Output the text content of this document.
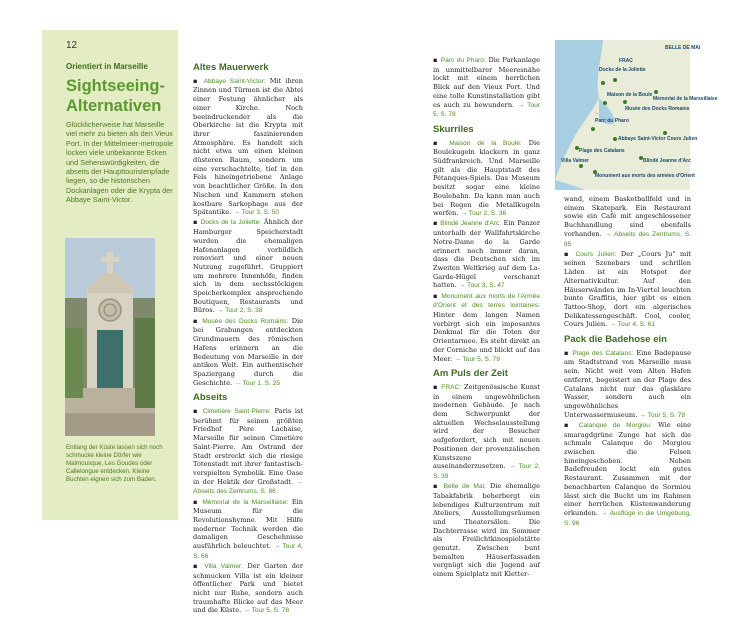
12
Orientiert in Marseille
Sightseeing-Alternativen
Glücklicherweise hat Marseille viel mehr zu bieten als den Vieux Port. In der Mittelmeer-metropole locken viele unbekannte Ecken und Sehenswürdigkeiten, die abseits der Haupttouristenpfade liegen, so die historischen Dockanlagen oder die Krypta der Abbaye Saint-Victor.
Entlang der Küste lassen sich noch schmucke kleine Dörfer wie Malmousque, Les Goudes oder Callelongue entdecken. Kleine Buchten eignen sich zum Baden.
Altes Mauerwerk

▪ Abbaye Saint-Victor: Mit ihren Zinnen und Türmen ist die Abtei einer Festung ähnlicher als einer Kirche. Noch beeindruckender als die Oberkirche ist die Krypta mit ihrer faszinierenden Atmosphäre. Es handelt sich nicht etwa um einen kleinen düsteren Raum, sondern um eine verschachtelte, tief in den Fels hineingetriebene Anlage von beachtlicher Größe. In den Nischen und Kammern stehen kostbare Sarkophage aus der Spätantike. → Tour 3, S. 50

▪ Docks de la Joliette: Ähnlich der Hamburger Speicherstadt wurden die ehemaligen Hafenanlagen vorbildlich renoviert und einer neuen Nutzung zugeführt. Gruppiert um mehrere Innenhöfe, finden sich in dem sechsstöckigen Speicherkomplex ansprechende Boutiquen, Restaurants und Büros. → Tour 2, S. 38

▪ Musée des Docks Romains: Die bei Grabungen entdeckten Grundmauern des römischen Hafens erinnern an die Bedeutung von Marseille in der antiken Welt. Ein authentischer Spaziergang durch die Geschichte. → Tour 1, S. 25

Abseits

▪ Cimetière Saint-Pierre: Paris ist berühmt für seinen größten Friedhof Père Lachaise, Marseille für seinen Cimetière Saint-Pierre. Am Ostrand der Stadt erstreckt sich die riesige Totenstadt mit ihrer fantastisch-verspielten Symbolik. Eine Oase in der Hektik der Großstadt. → Abseits des Zentrums, S. 86

▪ Mémorial de la Marseillaise: Ein Museum für die Revolutionshymne. Mit Hilfe moderner Technik werden die damaligen Geschehnisse ausführlich beleuchtet. → Tour 4, S. 66

▪ Villa Valmer: Der Garten der schmucken Villa ist ein kleiner öffentlicher Park und bietet nicht nur Ruhe, sondern auch traumhafte Blicke auf das Meer und die Küste. → Tour 5, S. 78

▪ Parc du Pharo: Die Parkanlage in unmittelbarer Meeresnähe lockt mit einem herrlichen Blick auf den Vieux Port. Und eine tolle Kunstinstallation gibt es auch zu bewundern. → Tour 5, S. 78

Skurriles

▪ Maison de la Boule: Die Boulekugeln klackern in ganz Südfrankreich. Und Marseille gilt als die Hauptstadt des Pétanques-Spiels. Das Museum besitzt sogar eine kleine Boulebahn. Da kann man auch bei Regen die Metallkugeln werfen. → Tour 2, S. 36

▪ Blindé Jeanne d'Arc: Ein Panzer unterhalb der Wallfahrtskirche Notre-Dame de la Garde erinnert noch immer daran, dass die Deutschen sich im Zweiten Weltkrieg auf dem La-Garde-Hügel verschanzt hatten. → Tour 3, S. 47

▪ Monument aux morts de l'Armée d'Orient et des terres lointaines: Hinter dem langen Namen verbirgt sich ein imposantes Denkmal für die Toten der Orientarmee. Es steht direkt an der Corniche und blickt auf das Meer. → Tour 5, S. 79

Am Puls der Zeit

▪ FRAC: Zeitgenössische Kunst in einem ungewöhnlichen modernen Gebäude. Je nach dem Schwerpunkt der aktuellen Wechselausstellung wird der Besucher aufgefordert, sich mit neuen Positionen der provenzalischen Kunstszene auseinanderzusetzen. → Tour 2, S. 39

▪ Belle de Mai: Die ehemalige Tabakfabrik beherbergt ein lebendiges Kulturzentrum mit Ateliers, Ausstellungsräumen und Theatersälen. Die Dachterrasse wird im Sommer als Freilichtkinospielstätte genutzt. Zwischen bunt bemalten Häuserfassaden vergnügt sich die Jugend auf einem Spielplatz mit Kletter-

BELLE DE MAI
FRAC
Docks de la Joliette
Musée des Docks Romains
Mémorial de la Marseillaise
Maison de la Boule
Parc du Pharo
Abbaye Saint-Victor Cours Julien
Plage des Catalans
Villa Valmer	Blindé Jeanne d'Arc
Monument aux morts des armées d'Orient

wand, einem Basketballfeld und in einem Skatepark. Ein Restaurant sowie ein Café mit angeschlossener Buchhandlung sind ebenfalls vorhanden. → Abseits des Zentrums, S. 85

▪ Cours Julien: Der „Cours Ju" mit seinen Szenebars und schrillen Läden ist ein Hotspot der Alternativkultur. Auf den Häuserwänden im In-Viertel leuchten bunte Graffitis, hier gibt es einen Tattoo-Shop, dort ein algerisches Delikatessengeschäft. Cool, cooler, Cours Julien. → Tour 4, S. 61

Pack die Badehose ein

▪ Plage des Catalans: Eine Badepause am Stadtstrand von Marseille muss sein. Nicht weit vom Alten Hafen entfernt, begeistert an der Plage des Catalans nicht nur das glasklare Wasser, sondern auch ein ungewöhnliches Unterwassermuseum. → Tour 5, S. 78

▪ Calanque de Morgiou: Wie eine smaragdgrüne Zunge hat sich die schmale Calanque de Morgiou zwischen die Felsen hineingeschoben. Neben Badefreuden lockt ein gutes Restaurant. Zusammen mit der benachbarten Calanque de Sormiou lässt sich die Bucht um im Rahmen einer herrlichen Küstenwanderung erkunden. → Ausflüge in die Umgebung, S. 96
